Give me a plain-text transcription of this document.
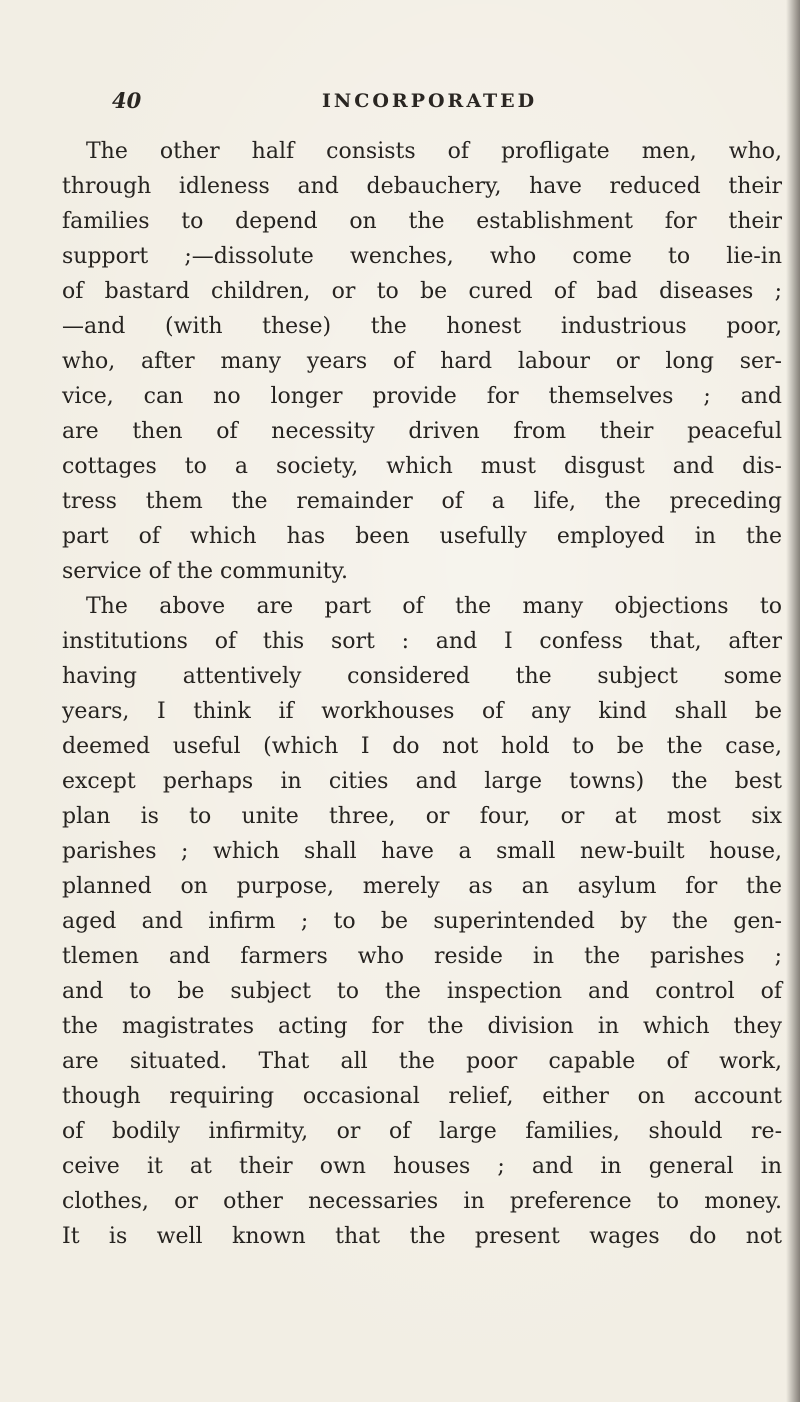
40	INCORPORATED
The other half consists of profligate men, who,
through idleness and debauchery, have reduced their
families to depend on the establishment for their
support ;—dissolute wenches, who come to lie-in
of bastard children, or to be cured of bad diseases ;
—and (with these) the honest industrious poor,
who, after many years of hard labour or long ser-
vice, can no longer provide for themselves ; and
are then of necessity driven from their peaceful
cottages to a society, which must disgust and dis-
tress them the remainder of a life, the preceding
part of which has been usefully employed in the
service of the community.
The above are part of the many objections to
institutions of this sort : and I confess that, after
having attentively considered the subject some
years, I think if workhouses of any kind shall be
deemed useful (which I do not hold to be the case,
except perhaps in cities and large towns) the best
plan is to unite three, or four, or at most six
parishes ; which shall have a small new-built house,
planned on purpose, merely as an asylum for the
aged and infirm ; to be superintended by the gen-
tlemen and farmers who reside in the parishes ;
and to be subject to the inspection and control of
the magistrates acting for the division in which they
are situated. That all the poor capable of work,
though requiring occasional relief, either on account
of bodily infirmity, or of large families, should re-
ceive it at their own houses ; and in general in
clothes, or other necessaries in preference to money.
It is well known that the present wages do not
